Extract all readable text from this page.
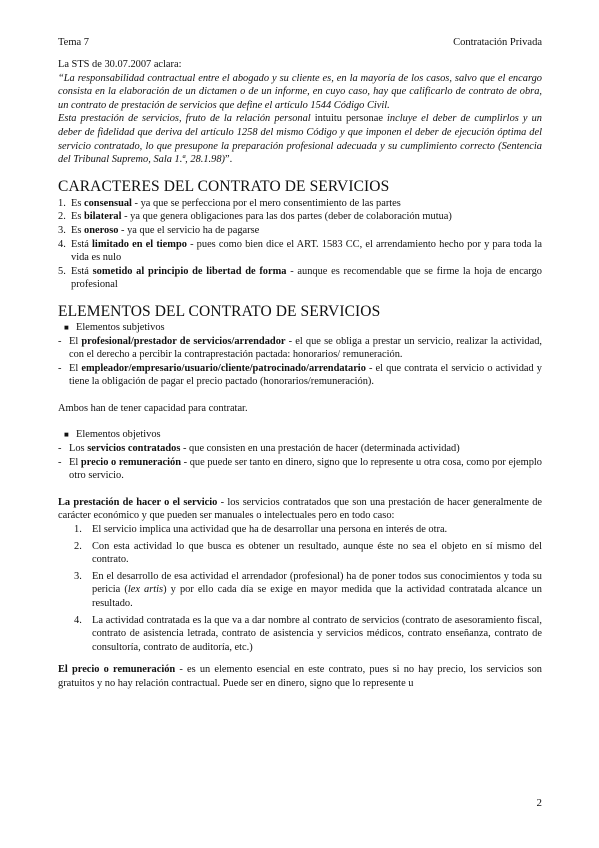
Tema 7	Contratación Privada

La STS de 30.07.2007 aclara:

“La responsabilidad contractual entre el abogado y su cliente es, en la mayoría de los casos, salvo que el encargo consista en la elaboración de un dictamen o de un informe, en cuyo caso, hay que calificarlo de contrato de obra, un contrato de prestación de servicios que define el artículo 1544 Código Civil.

Esta prestación de servicios, fruto de la relación personal intuitu personae incluye el deber de cumplirlos y un deber de fidelidad que deriva del artículo 1258 del mismo Código y que imponen el deber de ejecución óptima del servicio contratado, lo que presupone la preparación profesional adecuada y su cumplimiento correcto (Sentencia del Tribunal Supremo, Sala 1.ª, 28.1.98)”.

CARACTERES DEL CONTRATO DE SERVICIOS
1. Es consensual - ya que se perfecciona por el mero consentimiento de las partes
2. Es bilateral - ya que genera obligaciones para las dos partes (deber de colaboración mutua)
3. Es oneroso - ya que el servicio ha de pagarse
4. Está limitado en el tiempo - pues como bien dice el ART. 1583 CC, el arrendamiento hecho por y para toda la vida es nulo
5. Está sometido al principio de libertad de forma - aunque es recomendable que se firme la hoja de encargo profesional
ELEMENTOS DEL CONTRATO DE SERVICIOS
■ Elementos subjetivos
- El profesional/prestador de servicios/arrendador - el que se obliga a prestar un servicio, realizar la actividad, con el derecho a percibir la contraprestación pactada: honorarios/ remuneración.
- El empleador/empresario/usuario/cliente/patrocinado/arrendatario - el que contrata el servicio o actividad y tiene la obligación de pagar el precio pactado (honorarios/remuneración).

Ambos han de tener capacidad para contratar.

■ Elementos objetivos
- Los servicios contratados - que consisten en una prestación de hacer (determinada actividad)
- El precio o remuneración - que puede ser tanto en dinero, signo que lo represente u otra cosa, como por ejemplo otro servicio.

La prestación de hacer o el servicio - los servicios contratados que son una prestación de hacer generalmente de carácter económico y que pueden ser manuales o intelectuales pero en todo caso:

1. El servicio implica una actividad que ha de desarrollar una persona en interés de otra.
2. Con esta actividad lo que busca es obtener un resultado, aunque éste no sea el objeto en sí mismo del contrato.
3. En el desarrollo de esa actividad el arrendador (profesional) ha de poner todos sus conocimientos y toda su pericia (lex artis) y por ello cada día se exige en mayor medida que la actividad contratada alcance un resultado.
4. La actividad contratada es la que va a dar nombre al contrato de servicios (contrato de asesoramiento fiscal, contrato de asistencia letrada, contrato de asistencia y servicios médicos, contrato enseñanza, contrato de consultoría, contrato de auditoría, etc.)

El precio o remuneración - es un elemento esencial en este contrato, pues si no hay precio, los servicios son gratuitos y no hay relación contractual. Puede ser en dinero, signo que lo represente u

2
